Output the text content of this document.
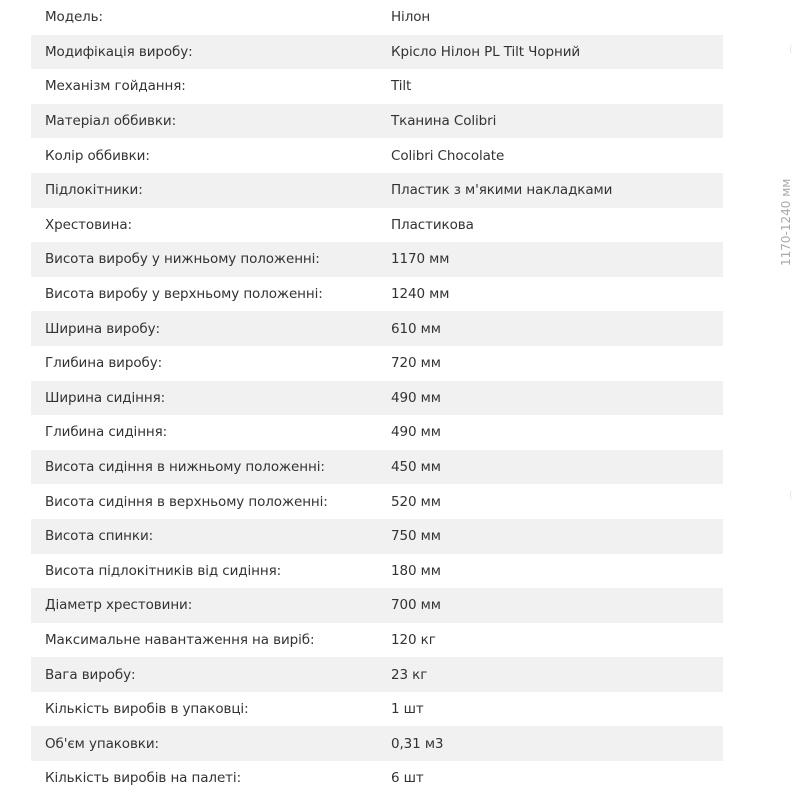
Модель:	Нілон
Модифікація виробу:	Крісло Нілон PL Tilt Чорний
Механізм гойдання:	Tilt
Матеріал оббивки:	Тканина Colibri
Колір оббивки:	Colibri Chocolate
Підлокітники:	Пластик з м'якими накладками
Хрестовина:	Пластикова
Висота виробу у нижньому положенні:	1170 мм
Висота виробу у верхньому положенні:	1240 мм
Ширина виробу:	610 мм
Глибина виробу:	720 мм
Ширина сидіння:	490 мм
Глибина сидіння:	490 мм
Висота сидіння в нижньому положенні:	450 мм
Висота сидіння в верхньому положенні:	520 мм
Висота спинки:	750 мм
Висота підлокітників від сидіння:	180 мм
Діаметр хрестовини:	700 мм
Максимальне навантаження на виріб:	120 кг
Вага виробу:	23 кг
Кількість виробів в упаковці:	1 шт
Об'єм упаковки:	0,31 м3
Кількість виробів на палеті:	6 шт
1170-1240 мм
